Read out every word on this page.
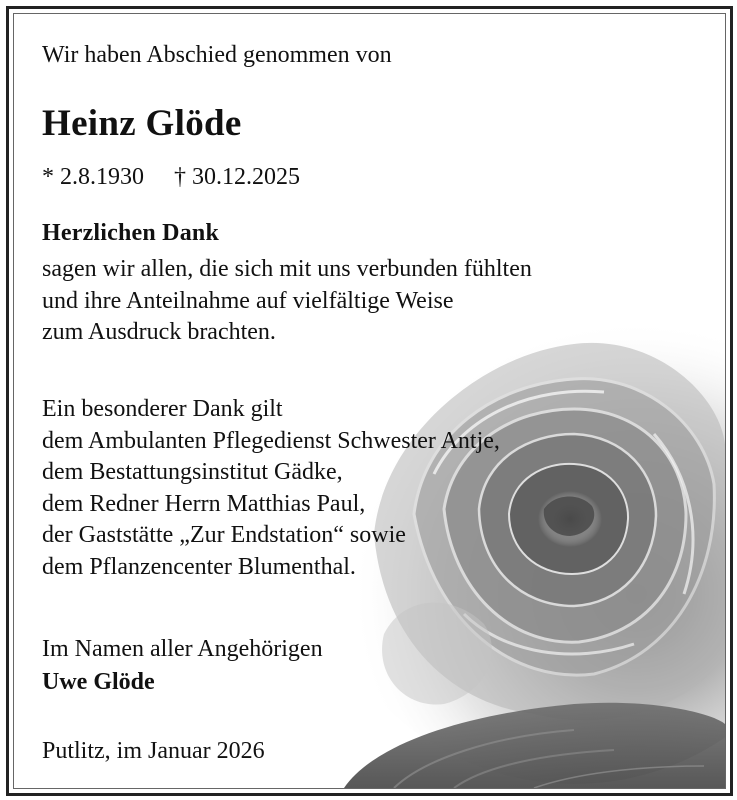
Wir haben Abschied genommen von
Heinz Glöde
* 2.8.1930 † 30.12.2025
Herzlichen Dank
sagen wir allen, die sich mit uns verbunden fühlten
und ihre Anteilnahme auf vielfältige Weise
zum Ausdruck brachten.
Ein besonderer Dank gilt
dem Ambulanten Pflegedienst Schwester Antje,
dem Bestattungsinstitut Gädke,
dem Redner Herrn Matthias Paul,
der Gaststätte „Zur Endstation“ sowie
dem Pflanzencenter Blumenthal.
Im Namen aller Angehörigen
Uwe Glöde
Putlitz, im Januar 2026
